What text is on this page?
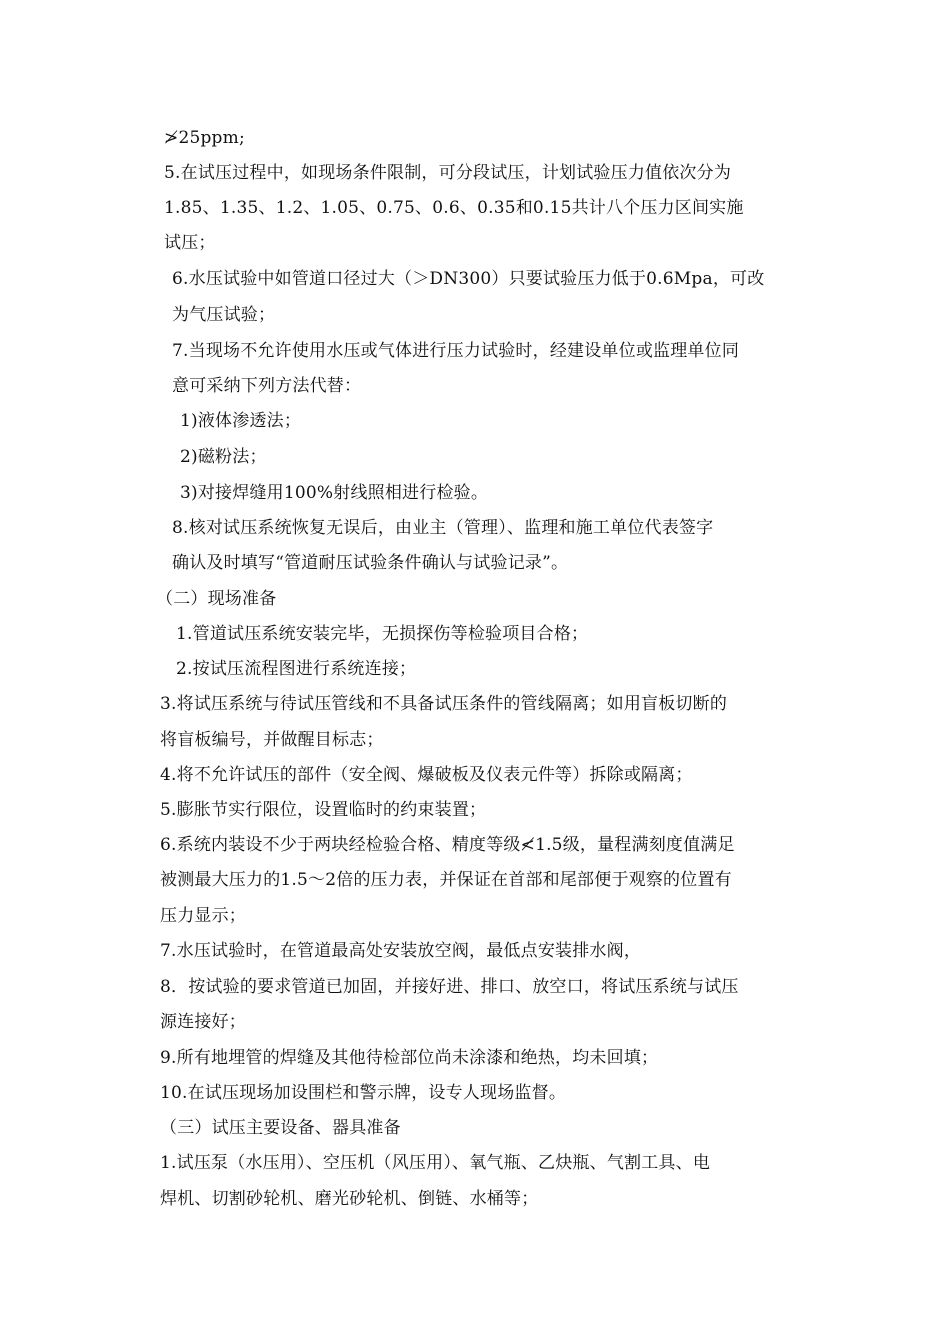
≯25ppm;
5.在试压过程中，如现场条件限制，可分段试压，计划试验压力值依次分为
1.85、1.35、1.2、1.05、0.75、0.6、0.35和0.15共计八个压力区间实施
试压；
6.水压试验中如管道口径过大（＞DN300）只要试验压力低于0.6Mpa，可改
为气压试验；
7.当现场不允许使用水压或气体进行压力试验时，经建设单位或监理单位同
意可采纳下列方法代替：
1)液体渗透法；
2)磁粉法；
3)对接焊缝用100%射线照相进行检验。
8.核对试压系统恢复无误后，由业主（管理）、监理和施工单位代表签字
确认及时填写“管道耐压试验条件确认与试验记录”。
（二）现场准备
1.管道试压系统安装完毕，无损探伤等检验项目合格；
2.按试压流程图进行系统连接；
3.将试压系统与待试压管线和不具备试压条件的管线隔离；如用盲板切断的
将盲板编号，并做醒目标志；
4.将不允许试压的部件（安全阀、爆破板及仪表元件等）拆除或隔离；
5.膨胀节实行限位，设置临时的约束装置；
6.系统内装设不少于两块经检验合格、精度等级≮1.5级，量程满刻度值满足
被测最大压力的1.5～2倍的压力表，并保证在首部和尾部便于观察的位置有
压力显示；
7.水压试验时，在管道最高处安装放空阀，最低点安装排水阀，
8．按试验的要求管道已加固，并接好进、排口、放空口，将试压系统与试压
源连接好；
9.所有地埋管的焊缝及其他待检部位尚未涂漆和绝热，均未回填；
10.在试压现场加设围栏和警示牌，设专人现场监督。
（三）试压主要设备、器具准备
1.试压泵（水压用）、空压机（风压用）、氧气瓶、乙炔瓶、气割工具、电
焊机、切割砂轮机、磨光砂轮机、倒链、水桶等；
